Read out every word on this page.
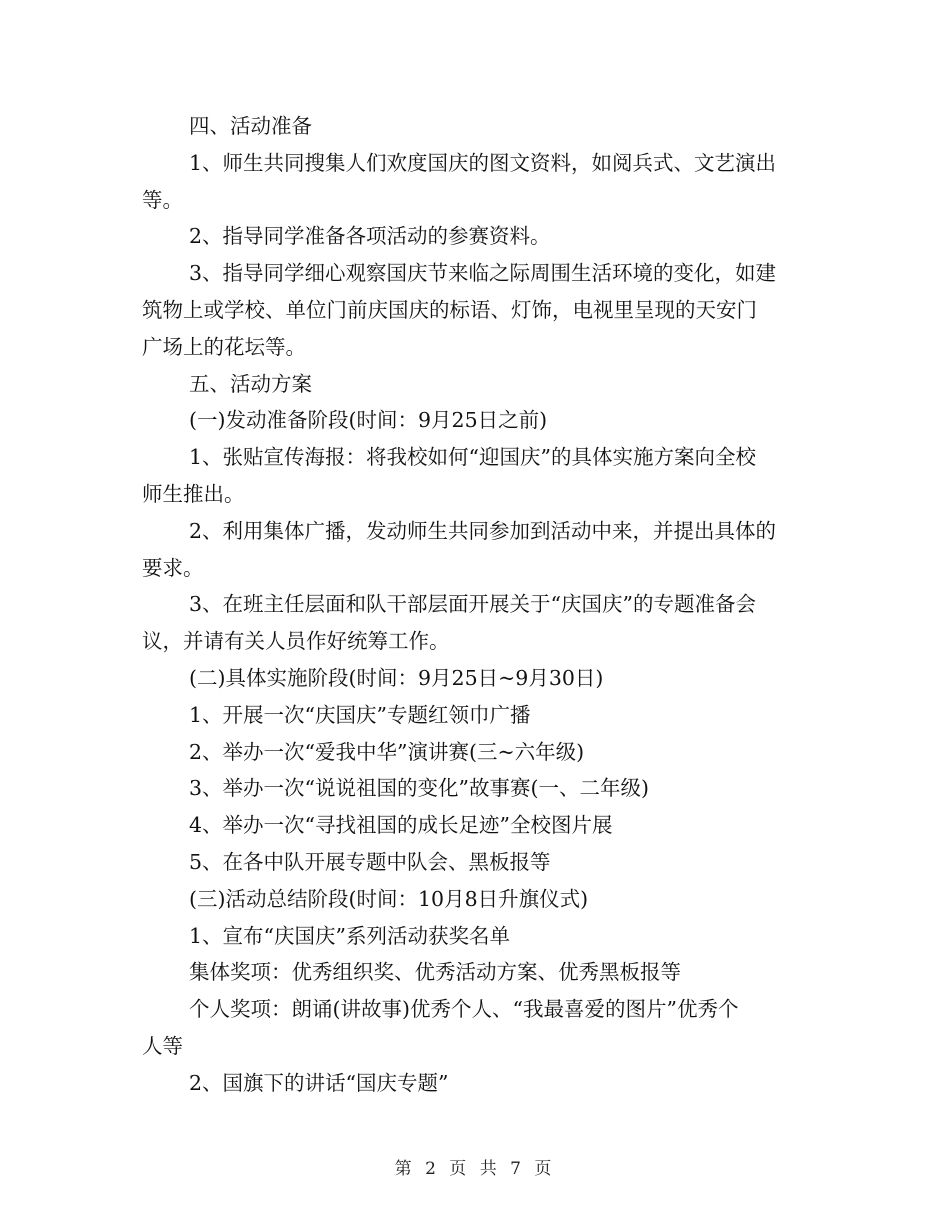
四、活动准备
1、师生共同搜集人们欢度国庆的图文资料，如阅兵式、文艺演出
等。
2、指导同学准备各项活动的参赛资料。
3、指导同学细心观察国庆节来临之际周围生活环境的变化，如建
筑物上或学校、单位门前庆国庆的标语、灯饰，电视里呈现的天安门
广场上的花坛等。
五、活动方案
(一)发动准备阶段(时间：9月25日之前)
1、张贴宣传海报：将我校如何“迎国庆”的具体实施方案向全校
师生推出。
2、利用集体广播，发动师生共同参加到活动中来，并提出具体的
要求。
3、在班主任层面和队干部层面开展关于“庆国庆”的专题准备会
议，并请有关人员作好统筹工作。
(二)具体实施阶段(时间：9月25日~9月30日)
1、开展一次“庆国庆”专题红领巾广播
2、举办一次“爱我中华”演讲赛(三~六年级)
3、举办一次“说说祖国的变化”故事赛(一、二年级)
4、举办一次“寻找祖国的成长足迹”全校图片展
5、在各中队开展专题中队会、黑板报等
(三)活动总结阶段(时间：10月8日升旗仪式)
1、宣布“庆国庆”系列活动获奖名单
集体奖项：优秀组织奖、优秀活动方案、优秀黑板报等
个人奖项：朗诵(讲故事)优秀个人、“我最喜爱的图片”优秀个
人等
2、国旗下的讲话“国庆专题”
第 2 页 共 7 页
